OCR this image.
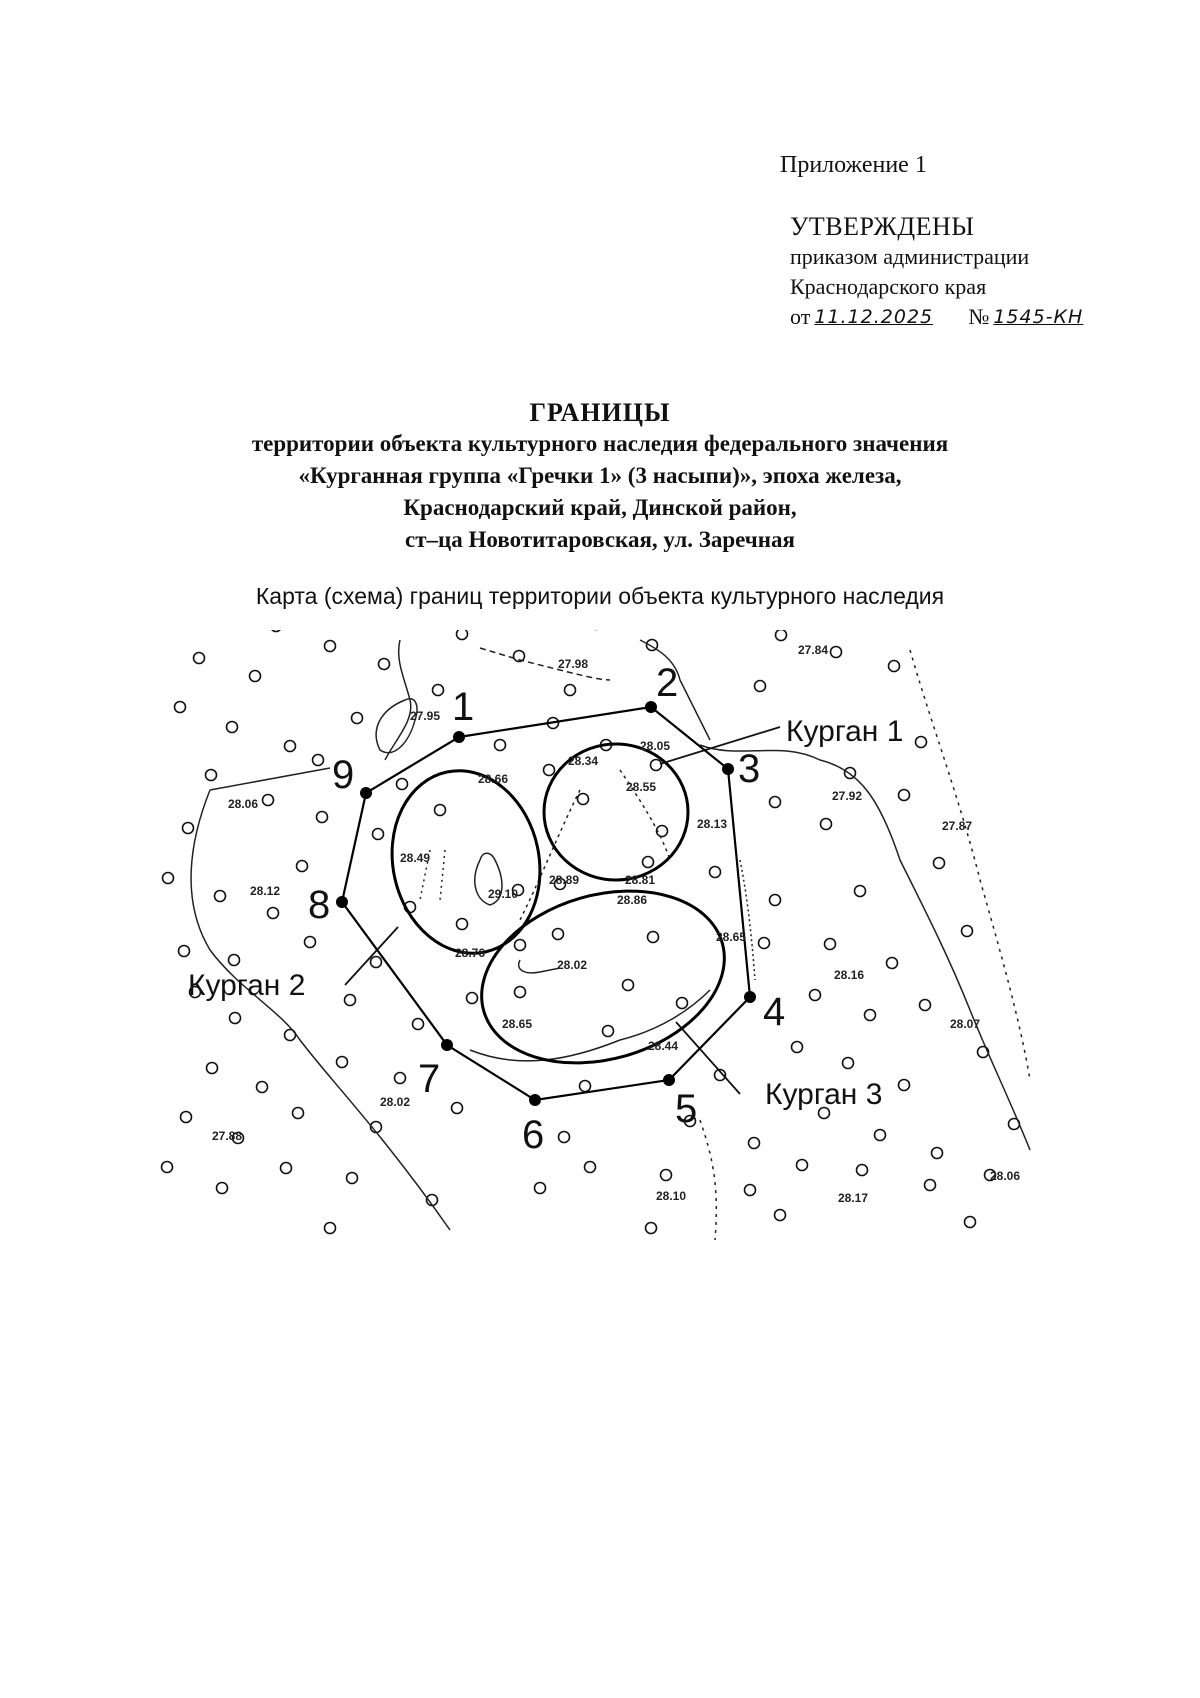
Приложение 1
УТВЕРЖДЕНЫ
приказом администрации
Краснодарского края
от 11.12.2025	№ 1545-КН
ГРАНИЦЫ
территории объекта культурного наследия федерального значения
«Курганная группа «Гречки 1» (3 насыпи)», эпоха железа,
Краснодарский край, Динской район,
ст–ца Новотитаровская, ул. Заречная
Карта (схема) границ территории объекта культурного наследия
1
2
3
4
5
6
7
8
9
Курган 1
Курган 2
Курган 3
27.98
27.84
27.95
28.05
28.06
28.66
28.34
28.55
27.92
28.13	27.87
28.49
29.10
28.89	28.81
28.12
28.86
28.65
28.76
28.02
28.16
28.65	28.07
28.44
28.02
27.88
28.10	28.17
28.06
